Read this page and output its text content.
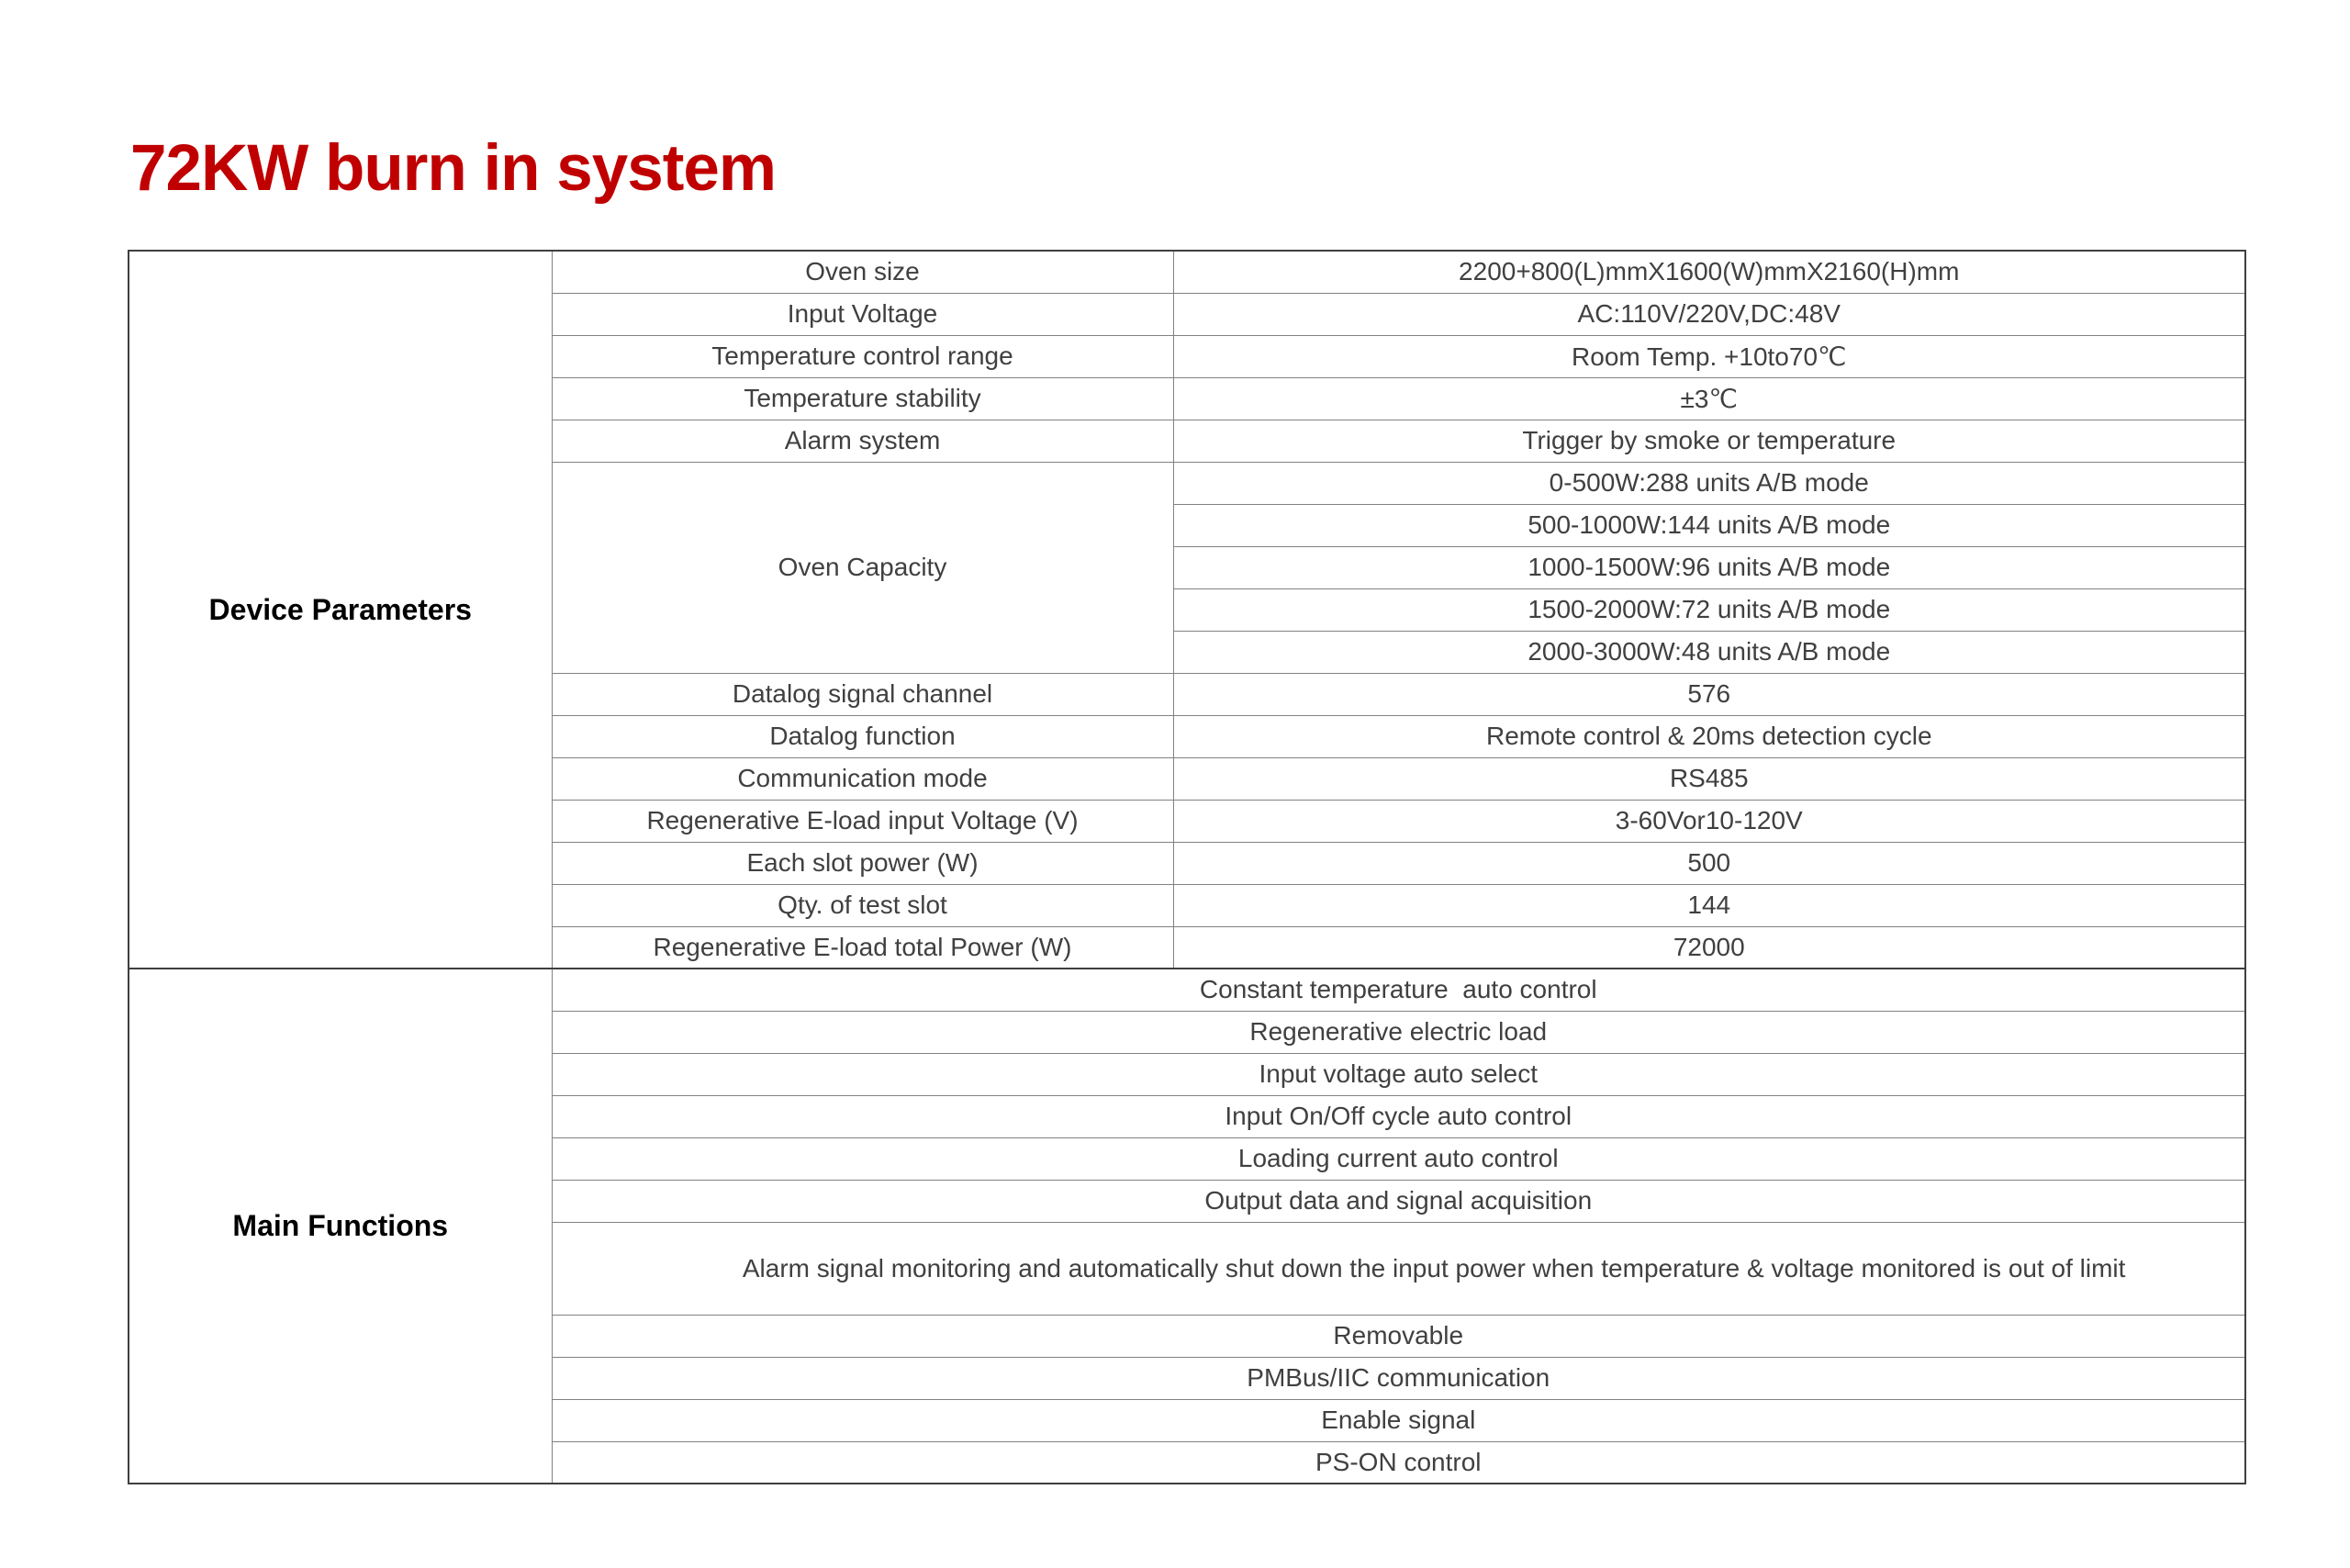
72KW burn in system
Device Parameters	Oven size	2200+800(L)mmX1600(W)mmX2160(H)mm
	Input Voltage	AC:110V/220V,DC:48V
	Temperature control range	Room Temp. +10to70℃
	Temperature stability	±3℃
	Alarm system	Trigger by smoke or temperature
	Oven Capacity	0-500W:288 units A/B mode
		500-1000W:144 units A/B mode
		1000-1500W:96 units A/B mode
		1500-2000W:72 units A/B mode
		2000-3000W:48 units A/B mode
	Datalog signal channel	576
	Datalog function	Remote control & 20ms detection cycle
	Communication mode	RS485
	Regenerative E-load input Voltage (V)	3-60Vor10-120V
	Each slot power (W)	500
	Qty. of test slot	144
	Regenerative E-load total Power (W)	72000
Main Functions	Constant temperature  auto control	
	Regenerative electric load	
	Input voltage auto select	
	Input On/Off cycle auto control	
	Loading current auto control	
	Output data and signal acquisition	

Alarm signal monitoring and automatically shut down the input power when temperature & voltage monitored is out of limit	

	Removable	
	PMBus/IIC communication	
	Enable signal	
	PS-ON control	
